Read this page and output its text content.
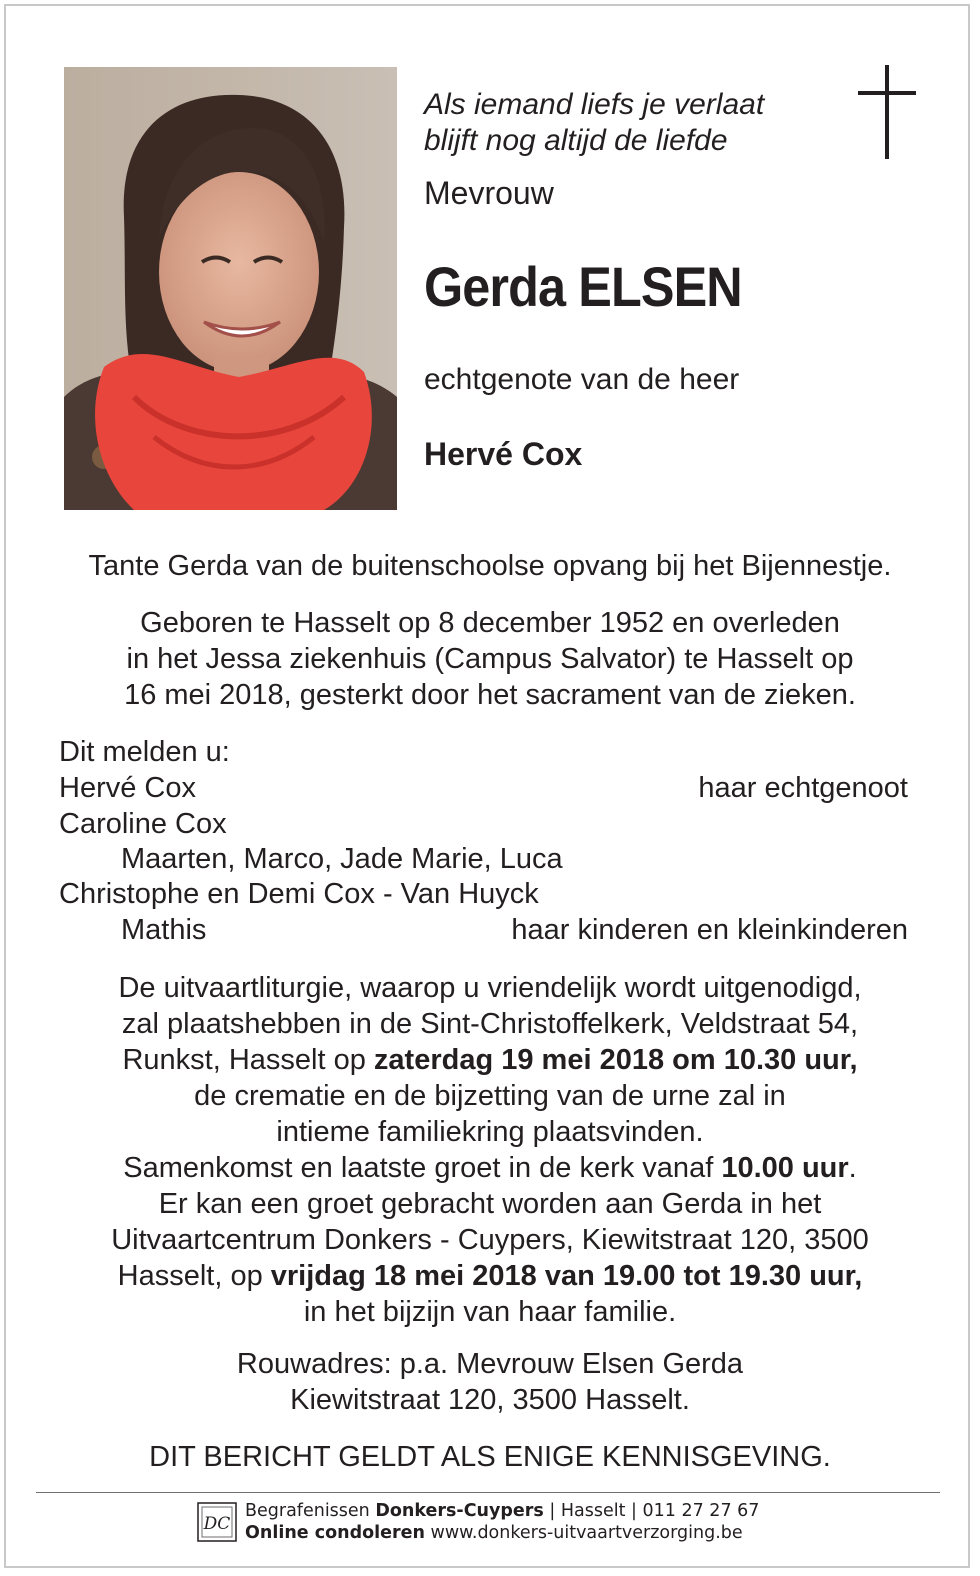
Als iemand liefs je verlaat
blijft nog altijd de liefde
Mevrouw
Gerda ELSEN
echtgenote van de heer
Hervé Cox
Tante Gerda van de buitenschoolse opvang bij het Bijennestje.
Geboren te Hasselt op 8 december 1952 en overleden
in het Jessa ziekenhuis (Campus Salvator) te Hasselt op
16 mei 2018, gesterkt door het sacrament van de zieken.
Dit melden u:
Hervé Cox	haar echtgenoot
Caroline Cox
Maarten, Marco, Jade Marie, Luca
Christophe en Demi Cox - Van Huyck
Mathis	haar kinderen en kleinkinderen
De uitvaartliturgie, waarop u vriendelijk wordt uitgenodigd,
zal plaatshebben in de Sint-Christoffelkerk, Veldstraat 54,
Runkst, Hasselt op zaterdag 19 mei 2018 om 10.30 uur,
de crematie en de bijzetting van de urne zal in
intieme familiekring plaatsvinden.
Samenkomst en laatste groet in de kerk vanaf 10.00 uur.
Er kan een groet gebracht worden aan Gerda in het
Uitvaartcentrum Donkers - Cuypers, Kiewitstraat 120, 3500
Hasselt, op vrijdag 18 mei 2018 van 19.00 tot 19.30 uur,
in het bijzijn van haar familie.
Rouwadres: p.a. Mevrouw Elsen Gerda
Kiewitstraat 120, 3500 Hasselt.
DIT BERICHT GELDT ALS ENIGE KENNISGEVING.
DC
Begrafenissen Donkers-Cuypers | Hasselt | 011 27 27 67
Online condoleren www.donkers-uitvaartverzorging.be
